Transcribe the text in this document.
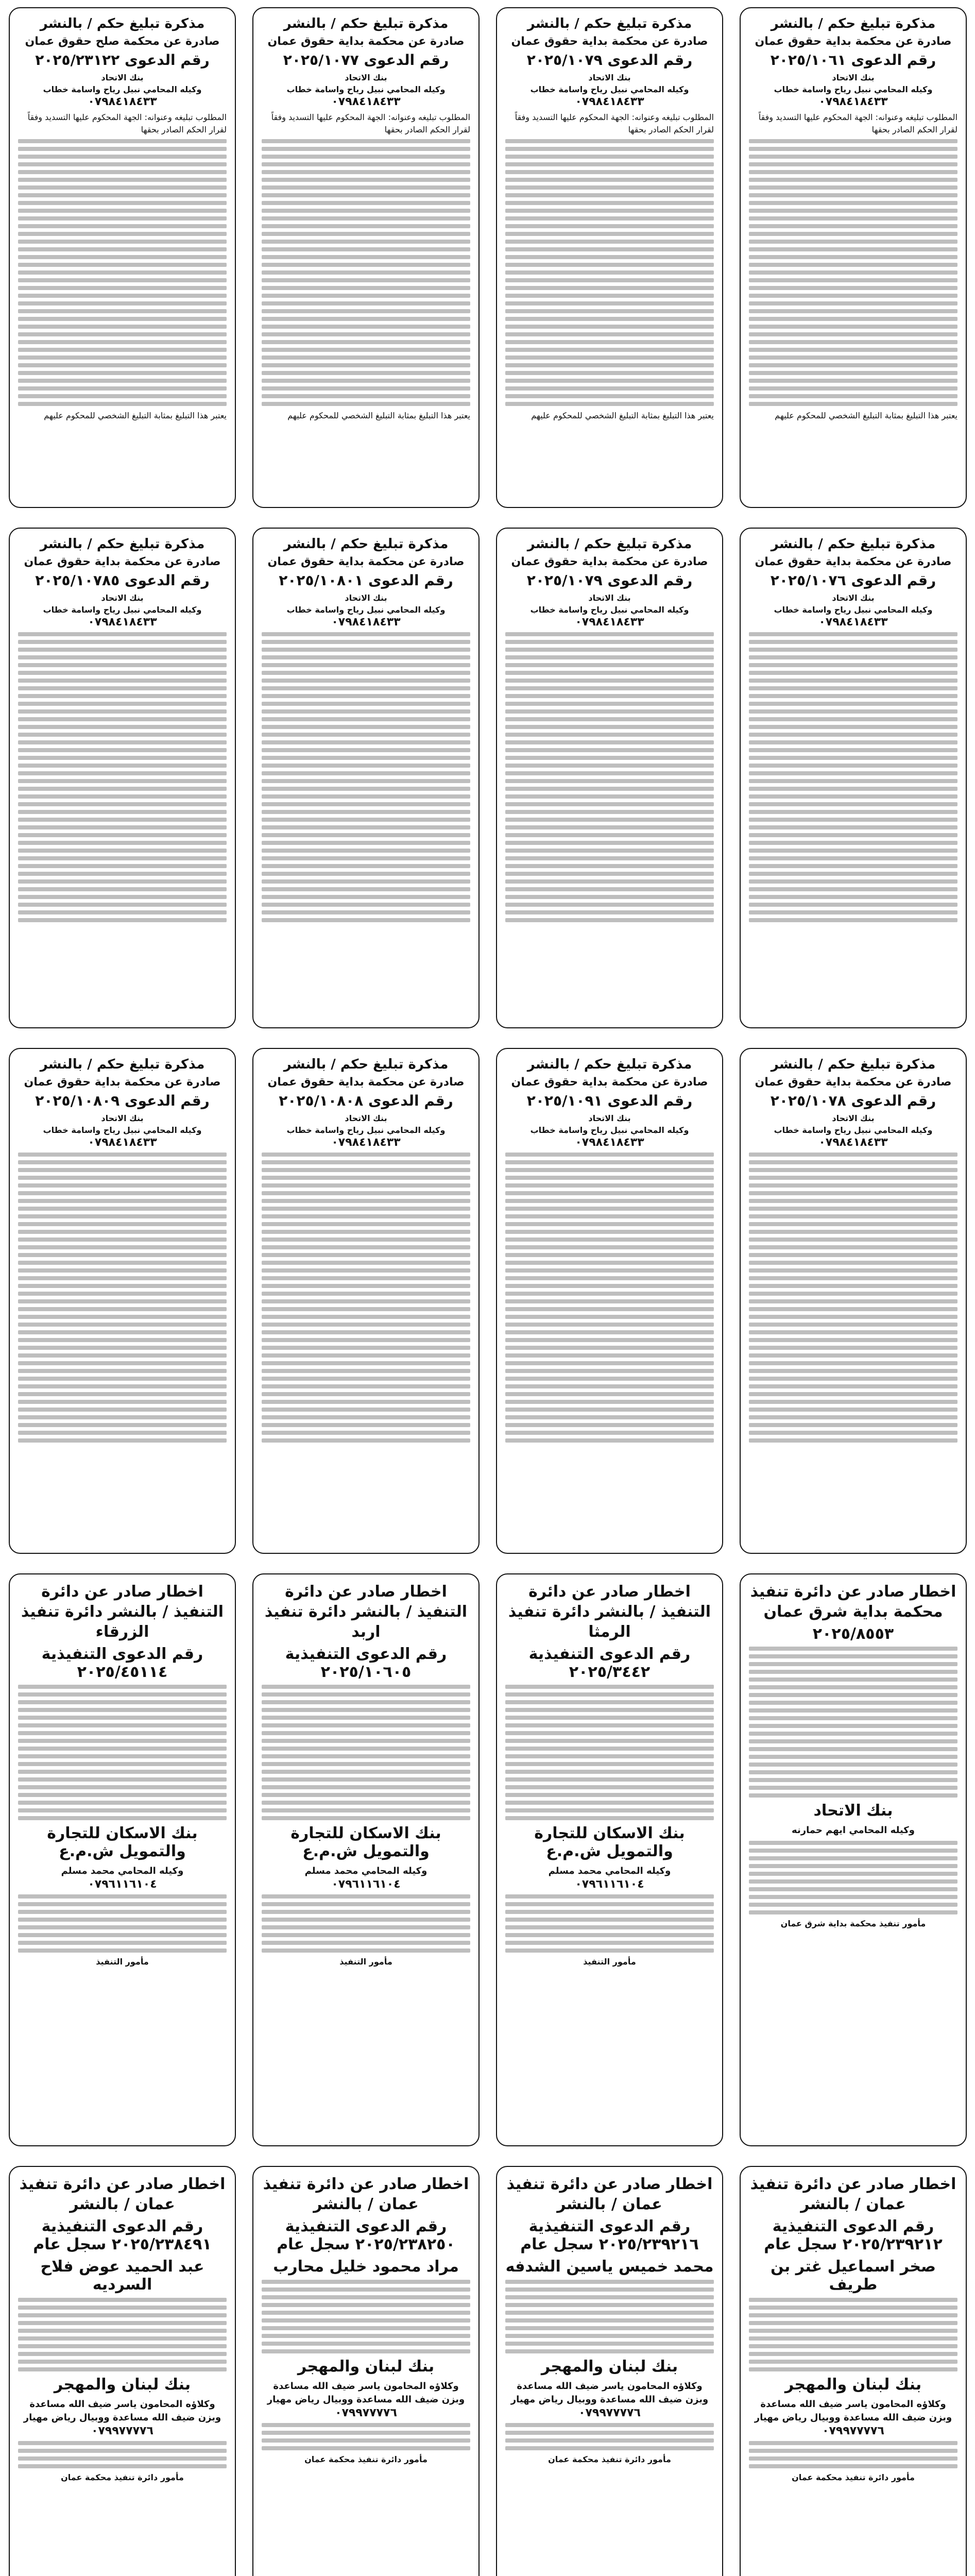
مذكرة تبليغ حكم / بالنشر
صادرة عن محكمة بداية حقوق عمان
رقم الدعوى ٢٠٢٥/١٠٦١
بنك الاتحاد
وكيله المحامي نبيل رياح واسامة خطاب
٠٧٩٨٤١٨٤٣٣
المطلوب تبليغه وعنوانه: الجهة المحكوم عليها التسديد وفقاً لقرار الحكم الصادر بحقها
يعتبر هذا التبليغ بمثابة التبليغ الشخصي للمحكوم عليهم
مذكرة تبليغ حكم / بالنشر
صادرة عن محكمة بداية حقوق عمان
رقم الدعوى ٢٠٢٥/١٠٧٩
بنك الاتحاد
وكيله المحامي نبيل رياح واسامة خطاب
٠٧٩٨٤١٨٤٣٣
المطلوب تبليغه وعنوانه: الجهة المحكوم عليها التسديد وفقاً لقرار الحكم الصادر بحقها
يعتبر هذا التبليغ بمثابة التبليغ الشخصي للمحكوم عليهم
مذكرة تبليغ حكم / بالنشر
صادرة عن محكمة بداية حقوق عمان
رقم الدعوى ٢٠٢٥/١٠٧٧
بنك الاتحاد
وكيله المحامي نبيل رياح واسامة خطاب
٠٧٩٨٤١٨٤٣٣
المطلوب تبليغه وعنوانه: الجهة المحكوم عليها التسديد وفقاً لقرار الحكم الصادر بحقها
يعتبر هذا التبليغ بمثابة التبليغ الشخصي للمحكوم عليهم
مذكرة تبليغ حكم / بالنشر
صادرة عن محكمة صلح حقوق عمان
رقم الدعوى ٢٠٢٥/٢٣١٢٢
بنك الاتحاد
وكيله المحامي نبيل رياح واسامة خطاب
٠٧٩٨٤١٨٤٣٣
المطلوب تبليغه وعنوانه: الجهة المحكوم عليها التسديد وفقاً لقرار الحكم الصادر بحقها
يعتبر هذا التبليغ بمثابة التبليغ الشخصي للمحكوم عليهم
مذكرة تبليغ حكم / بالنشر
صادرة عن محكمة بداية حقوق عمان
رقم الدعوى ٢٠٢٥/١٠٧٦
بنك الاتحاد
وكيله المحامي نبيل رياح واسامة خطاب
٠٧٩٨٤١٨٤٣٣
مذكرة تبليغ حكم / بالنشر
صادرة عن محكمة بداية حقوق عمان
رقم الدعوى ٢٠٢٥/١٠٧٩
بنك الاتحاد
وكيله المحامي نبيل رياح واسامة خطاب
٠٧٩٨٤١٨٤٣٣
مذكرة تبليغ حكم / بالنشر
صادرة عن محكمة بداية حقوق عمان
رقم الدعوى ٢٠٢٥/١٠٨٠١
بنك الاتحاد
وكيله المحامي نبيل رياح واسامة خطاب
٠٧٩٨٤١٨٤٣٣
مذكرة تبليغ حكم / بالنشر
صادرة عن محكمة بداية حقوق عمان
رقم الدعوى ٢٠٢٥/١٠٧٨٥
بنك الاتحاد
وكيله المحامي نبيل رياح واسامة خطاب
٠٧٩٨٤١٨٤٣٣
مذكرة تبليغ حكم / بالنشر
صادرة عن محكمة بداية حقوق عمان
رقم الدعوى ٢٠٢٥/١٠٧٨
بنك الاتحاد
وكيله المحامي نبيل رياح واسامة خطاب
٠٧٩٨٤١٨٤٣٣
مذكرة تبليغ حكم / بالنشر
صادرة عن محكمة بداية حقوق عمان
رقم الدعوى ٢٠٢٥/١٠٩١
بنك الاتحاد
وكيله المحامي نبيل رياح واسامة خطاب
٠٧٩٨٤١٨٤٣٣
مذكرة تبليغ حكم / بالنشر
صادرة عن محكمة بداية حقوق عمان
رقم الدعوى ٢٠٢٥/١٠٨٠٨
بنك الاتحاد
وكيله المحامي نبيل رياح واسامة خطاب
٠٧٩٨٤١٨٤٣٣
مذكرة تبليغ حكم / بالنشر
صادرة عن محكمة بداية حقوق عمان
رقم الدعوى ٢٠٢٥/١٠٨٠٩
بنك الاتحاد
وكيله المحامي نبيل رياح واسامة خطاب
٠٧٩٨٤١٨٤٣٣
اخطار صادر عن دائرة تنفيذ محكمة بداية شرق عمان
٢٠٢٥/٨٥٥٣
بنك الاتحاد
وكيله المحامي ايهم حمارنه
مأمور تنفيذ محكمة بداية شرق عمان
اخطار صادر عن دائرة التنفيذ / بالنشر دائرة تنفيذ الرمثا
رقم الدعوى التنفيذية ٢٠٢٥/٣٤٤٢
بنك الاسكان للتجارة والتمويل ش.م.ع
وكيله المحامي محمد مسلم
٠٧٩٦١١٦١٠٤
مأمور التنفيذ
اخطار صادر عن دائرة التنفيذ / بالنشر دائرة تنفيذ اربد
رقم الدعوى التنفيذية ٢٠٢٥/١٠٦٠٥
بنك الاسكان للتجارة والتمويل ش.م.ع
وكيله المحامي محمد مسلم
٠٧٩٦١١٦١٠٤
مأمور التنفيذ
اخطار صادر عن دائرة التنفيذ / بالنشر دائرة تنفيذ الزرقاء
رقم الدعوى التنفيذية ٢٠٢٥/٤٥١١٤
بنك الاسكان للتجارة والتمويل ش.م.ع
وكيله المحامي محمد مسلم
٠٧٩٦١١٦١٠٤
مأمور التنفيذ
اخطار صادر عن دائرة تنفيذ عمان / بالنشر
رقم الدعوى التنفيذية ٢٠٢٥/٢٣٩٢١٢ سجل عام
صخر اسماعيل غتر بن طريف
بنك لبنان والمهجر
وكلاؤه المحامون ياسر ضيف الله مساعدة وبزن ضيف الله مساعدة ووبيال رياض مهيار
٠٧٩٩٧٧٧٧٦
مأمور دائرة تنفيذ محكمة عمان
اخطار صادر عن دائرة تنفيذ عمان / بالنشر
رقم الدعوى التنفيذية ٢٠٢٥/٢٣٩٢١٦ سجل عام
محمد خميس ياسين الشدفه
بنك لبنان والمهجر
وكلاؤه المحامون ياسر ضيف الله مساعدة وبزن ضيف الله مساعدة ووبيال رياض مهيار
٠٧٩٩٧٧٧٧٦
مأمور دائرة تنفيذ محكمة عمان
اخطار صادر عن دائرة تنفيذ عمان / بالنشر
رقم الدعوى التنفيذية ٢٠٢٥/٢٣٨٢٥٠ سجل عام
مراد محمود خليل محارب
بنك لبنان والمهجر
وكلاؤه المحامون ياسر ضيف الله مساعدة وبزن ضيف الله مساعدة ووبيال رياض مهيار
٠٧٩٩٧٧٧٧٦
مأمور دائرة تنفيذ محكمة عمان
اخطار صادر عن دائرة تنفيذ عمان / بالنشر
رقم الدعوى التنفيذية ٢٠٢٥/٢٣٨٤٩١ سجل عام
عبد الحميد عوض فلاح السرديه
بنك لبنان والمهجر
وكلاؤه المحامون ياسر ضيف الله مساعدة وبزن ضيف الله مساعدة ووبيال رياض مهيار
٠٧٩٩٧٧٧٧٦
مأمور دائرة تنفيذ محكمة عمان
